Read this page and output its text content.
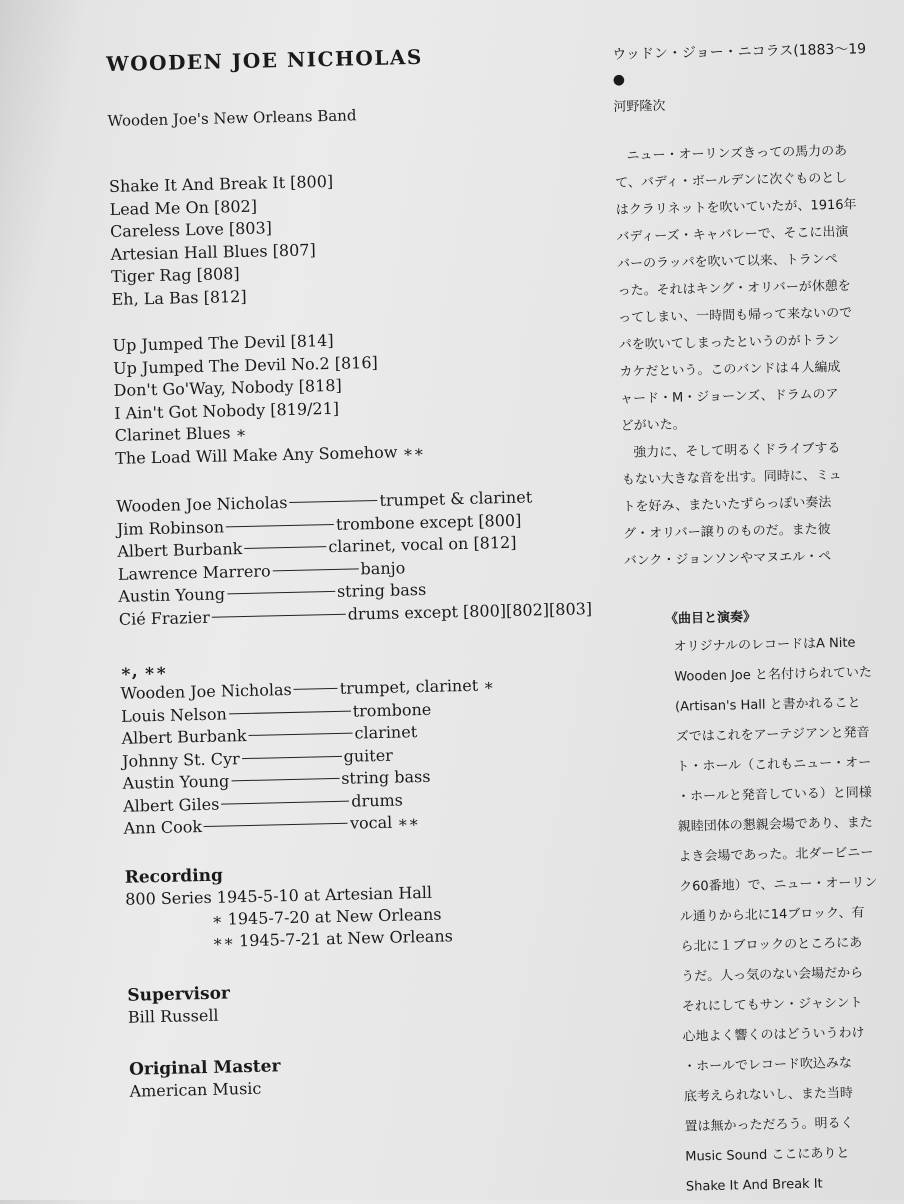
WOODEN JOE NICHOLAS
Wooden Joe's New Orleans Band
Shake It And Break It [800]
Lead Me On [802]
Careless Love [803]
Artesian Hall Blues [807]
Tiger Rag [808]
Eh, La Bas [812]
Up Jumped The Devil [814]
Up Jumped The Devil No.2 [816]
Don't Go'Way, Nobody [818]
I Ain't Got Nobody [819/21]
Clarinet Blues ∗
The Load Will Make Any Somehow ∗∗
Wooden Joe Nicholas	trumpet & clarinet
Jim Robinson	trombone except [800]
Albert Burbank	clarinet, vocal on [812]
Lawrence Marrero	banjo
Austin Young	string bass
Cié Frazier	drums except [800][802][803]
∗, ∗∗
Wooden Joe Nicholas	trumpet, clarinet ∗
Louis Nelson	trombone
Albert Burbank	clarinet
Johnny St. Cyr	guiter
Austin Young	string bass
Albert Giles	drums
Ann Cook	vocal ∗∗
Recording
800 Series 1945-5-10 at Artesian Hall
∗ 1945-7-20 at New Orleans
∗∗ 1945-7-21 at New Orleans
Supervisor
Bill Russell
Original Master
American Music
ウッドン・ジョー・ニコラス(1883～19
●
河野隆次
ニュー・オーリンズきっての馬力のあ
て、バディ・ボールデンに次ぐものとし
はクラリネットを吹いていたが、1916年
バディーズ・キャバレーで、そこに出演
バーのラッパを吹いて以来、トランペ
った。それはキング・オリバーが休憩を
ってしまい、一時間も帰って来ないので
パを吹いてしまったというのがトラン
カケだという。このバンドは４人編成
ャード・M・ジョーンズ、ドラムのア
どがいた。
強力に、そして明るくドライブする
もない大きな音を出す。同時に、ミュ
トを好み、またいたずらっぽい奏法
グ・オリバー譲りのものだ。また彼
バンク・ジョンソンやマヌエル・ペ
《曲目と演奏》
オリジナルのレコードはA Nite
Wooden Joe と名付けられていた
(Artisan's Hall と書かれること
ズではこれをアーテジアンと発音
ト・ホール（これもニュー・オー
・ホールと発音している）と同様
親睦団体の懇親会場であり、また
よき会場であった。北ダービニー
ク60番地）で、ニュー・オーリン
ル通りから北に14ブロック、有
ら北に１ブロックのところにあ
うだ。人っ気のない会場だから
それにしてもサン・ジャシント
心地よく響くのはどういうわけ
・ホールでレコード吹込みな
底考えられないし、また当時
置は無かっただろう。明るく
Music Sound ここにありと
Shake It And Break It
